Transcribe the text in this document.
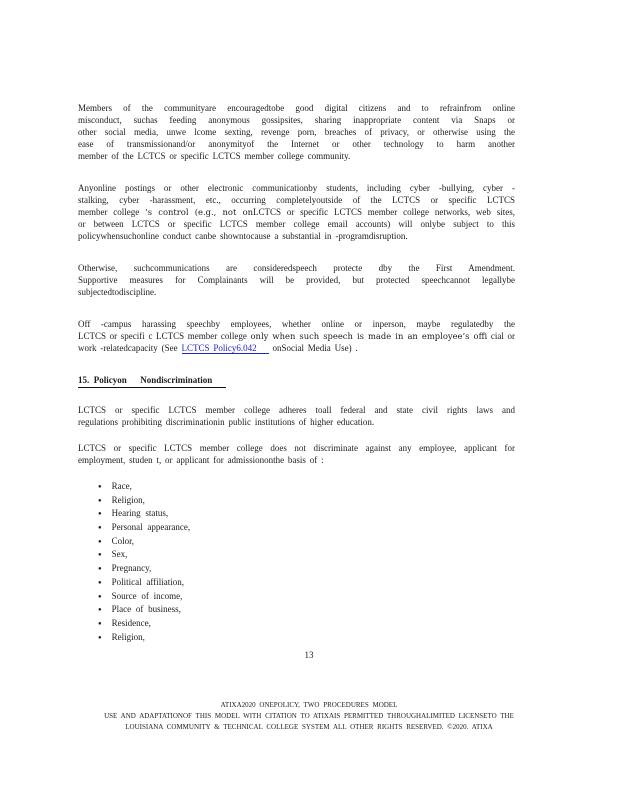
Members of the communityare encouragedtobe good digital citizens and to refrainfrom online
misconduct, suchas feeding anonymous gossipsites, sharing inappropriate content via Snaps or
other social media, unwe lcome sexting, revenge porn, breaches of privacy, or otherwise using the
ease of transmissionand/or anonymityof the Internet or other technology to harm another
member of the LCTCS or specific LCTCS member college community.
Anyonline postings or other electronic communicationby students, including cyber -bullying, cyber -
stalking, cyber -harassment, etc., occurring completelyoutside of the LCTCS or specific LCTCS
member college ’s control (e.g., not onLCTCS or specific LCTCS member college networks, web sites,
or between LCTCS or specific LCTCS member college email accounts) will onlybe subject to this
policywhensuchonline conduct canbe showntocause a substantial in -programdisruption.
Otherwise, suchcommunications are consideredspeech protecte dby the First Amendment.
Supportive measures for Complainants will be provided, but protected speechcannot legallybe
subjectedtodiscipline.
Off -campus harassing speechby employees, whether online or inperson, maybe regulatedby the
LCTCS or specifi c LCTCS member college only when such speech is made in an employee’s offi cial or
work -relatedcapacity (See LCTCS Policy6.042 onSocial Media Use) .
15.  Policyon      Nondiscrimination
LCTCS or specific LCTCS member college adheres toall federal and state civil rights laws and
regulations prohibiting discriminationin public institutions of higher education.
LCTCS or specific LCTCS member college does not discriminate against any employee, applicant for
employment, studen t, or applicant for admissiononthe basis of :
● Race,
● Religion,
● Hearing status,
● Personal appearance,
● Color,
● Sex,
● Pregnancy,
● Political affiliation,
● Source of income,
● Place of business,
● Residence,
● Religion,
13
ATIXA2020 ONEPOLICY, TWO PROCEDURES MODEL
USE AND ADAPTATIONOF THIS MODEL WITH CITATION TO ATIXAIS PERMITTED THROUGHALIMITED LICENSETO THE
LOUISIANA COMMUNITY & TECHNICAL COLLEGE SYSTEM ALL OTHER RIGHTS RESERVED. ©2020. ATIXA
